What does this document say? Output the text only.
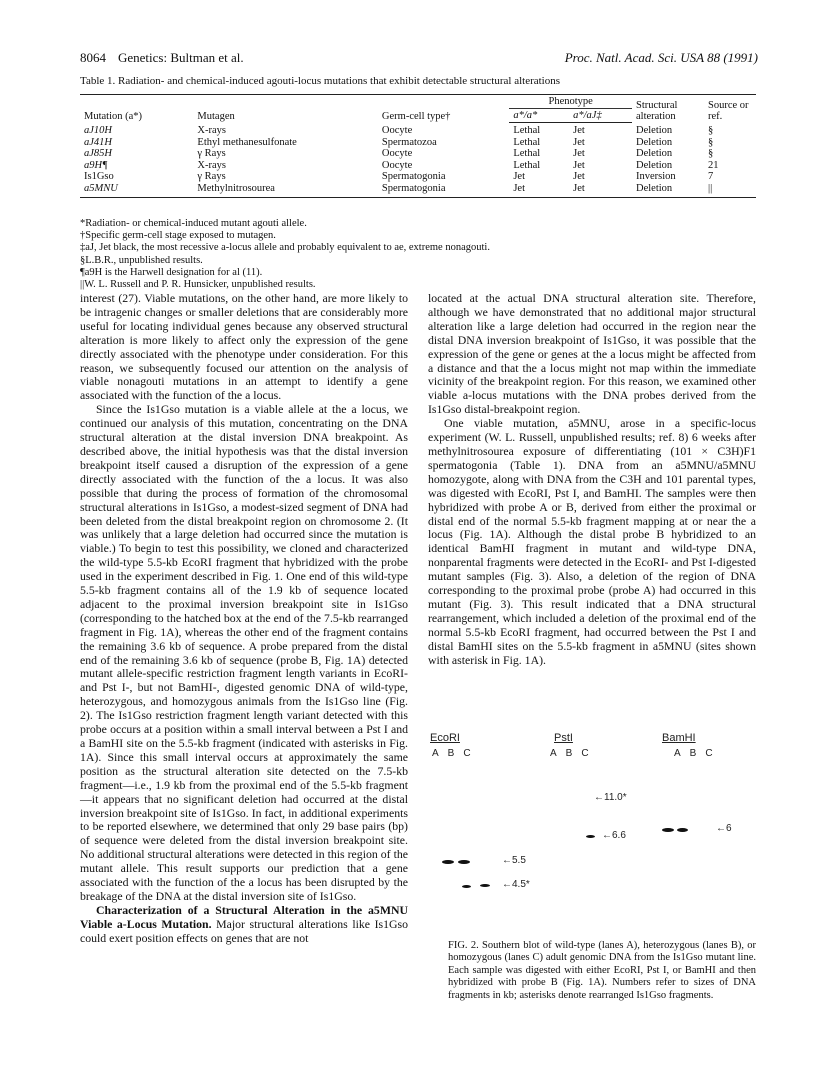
8064 Genetics: Bultman et al.	Proc. Natl. Acad. Sci. USA 88 (1991)
Table 1. Radiation- and chemical-induced agouti-locus mutations that exhibit detectable structural alterations
Mutation (a*)	Mutagen	Germ-cell type†	Phenotype		Structural alteration	Source or ref.
			a*/a*	a*/aJ‡		
aJ10H	X-rays	Oocyte	Lethal	Jet	Deletion	§
aJ41H	Ethyl methanesulfonate	Spermatozoa	Lethal	Jet	Deletion	§
aJ85H	γ Rays	Oocyte	Lethal	Jet	Deletion	§
a9H¶	X-rays	Oocyte	Lethal	Jet	Deletion	21
Is1Gso	γ Rays	Spermatogonia	Jet	Jet	Inversion	7
a5MNU	Methylnitrosourea	Spermatogonia	Jet	Jet	Deletion	||
*Radiation- or chemical-induced mutant agouti allele.
†Specific germ-cell stage exposed to mutagen.
‡aJ, Jet black, the most recessive a-locus allele and probably equivalent to ae, extreme nonagouti.
§L.B.R., unpublished results.
¶a9H is the Harwell designation for al (11).
||W. L. Russell and P. R. Hunsicker, unpublished results.

interest (27). Viable mutations, on the other hand, are more likely to be intragenic changes or smaller deletions that are considerably more useful for locating individual genes because any observed structural alteration is more likely to affect only the expression of the gene directly associated with the phenotype under consideration. For this reason, we subsequently focused our attention on the analysis of viable nonagouti mutations in an attempt to identify a gene associated with the function of the a locus.

Since the Is1Gso mutation is a viable allele at the a locus, we continued our analysis of this mutation, concentrating on the DNA structural alteration at the distal inversion DNA breakpoint. As described above, the initial hypothesis was that the distal inversion breakpoint itself caused a disruption of the expression of a gene directly associated with the function of the a locus. It was also possible that during the process of formation of the chromosomal structural alterations in Is1Gso, a modest-sized segment of DNA had been deleted from the distal breakpoint region on chromosome 2. (It was unlikely that a large deletion had occurred since the mutation is viable.) To begin to test this possibility, we cloned and characterized the wild-type 5.5-kb EcoRI fragment that hybridized with the probe used in the experiment described in Fig. 1. One end of this wild-type 5.5-kb fragment contains all of the 1.9 kb of sequence located adjacent to the proximal inversion breakpoint site in Is1Gso (corresponding to the hatched box at the end of the 7.5-kb rearranged fragment in Fig. 1A), whereas the other end of the fragment contains the remaining 3.6 kb of sequence. A probe prepared from the distal end of the remaining 3.6 kb of sequence (probe B, Fig. 1A) detected mutant allele-specific restriction fragment length variants in EcoRI- and Pst I-, but not BamHI-, digested genomic DNA of wild-type, heterozygous, and homozygous animals from the Is1Gso line (Fig. 2). The Is1Gso restriction fragment length variant detected with this probe occurs at a position within a small interval between a Pst I and a BamHI site on the 5.5-kb fragment (indicated with asterisks in Fig. 1A). Since this small interval occurs at approximately the same position as the structural alteration site detected on the 7.5-kb fragment—i.e., 1.9 kb from the proximal end of the 5.5-kb fragment—it appears that no significant deletion had occurred at the distal inversion breakpoint site of Is1Gso. In fact, in additional experiments to be reported elsewhere, we determined that only 29 base pairs (bp) of sequence were deleted from the distal inversion breakpoint site. No additional structural alterations were detected in this region of the mutant allele. This result supports our prediction that a gene associated with the function of the a locus has been disrupted by the breakage of the DNA at the distal inversion site of Is1Gso.

Characterization of a Structural Alteration in the a5MNU Viable a-Locus Mutation. Major structural alterations like Is1Gso could exert position effects on genes that are not

located at the actual DNA structural alteration site. Therefore, although we have demonstrated that no additional major structural alteration like a large deletion had occurred in the region near the distal DNA inversion breakpoint of Is1Gso, it was possible that the expression of the gene or genes at the a locus might be affected from a distance and that the a locus might not map within the immediate vicinity of the breakpoint region. For this reason, we examined other viable a-locus mutations with the DNA probes derived from the Is1Gso distal-breakpoint region.

One viable mutation, a5MNU, arose in a specific-locus experiment (W. L. Russell, unpublished results; ref. 8) 6 weeks after methylnitrosourea exposure of differentiating (101 × C3H)F1 spermatogonia (Table 1). DNA from an a5MNU/a5MNU homozygote, along with DNA from the C3H and 101 parental types, was digested with EcoRI, Pst I, and BamHI. The samples were then hybridized with probe A or B, derived from either the proximal or distal end of the normal 5.5-kb fragment mapping at or near the a locus (Fig. 1A). Although the distal probe B hybridized to an identical BamHI fragment in mutant and wild-type DNA, nonparental fragments were detected in the EcoRI- and Pst I-digested mutant samples (Fig. 3). Also, a deletion of the region of DNA corresponding to the proximal probe (probe A) had occurred in this mutant (Fig. 3). This result indicated that a DNA structural rearrangement, which included a deletion of the proximal end of the normal 5.5-kb EcoRI fragment, had occurred between the Pst I and distal BamHI sites on the 5.5-kb fragment in a5MNU (sites shown with asterisk in Fig. 1A).

EcoRI	PstI	BamHI
ABC	ABC	ABC
←5.5
←4.5*
←11.0*
←6.6
←6
FIG. 2. Southern blot of wild-type (lanes A), heterozygous (lanes B), or homozygous (lanes C) adult genomic DNA from the Is1Gso mutant line. Each sample was digested with either EcoRI, Pst I, or BamHI and then hybridized with probe B (Fig. 1A). Numbers refer to sizes of DNA fragments in kb; asterisks denote rearranged Is1Gso fragments.
